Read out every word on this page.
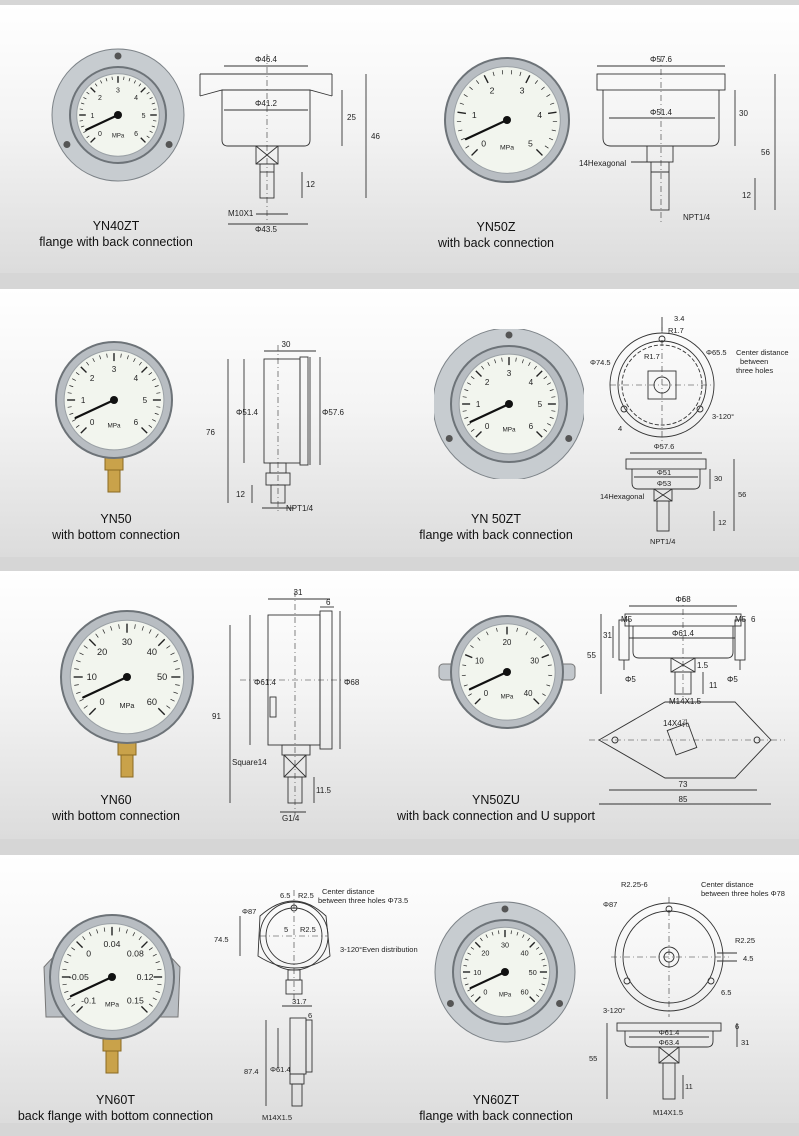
0
1
2
3
4
5
6
MPa
0
1
2	3
4
5
MPa
0
1
2
3
4
5
6
MPa	0
1
2
3
4
5
6
MPa
0
10
20
30
40
50
60
MPa
0
10
20
30
40
MPa
-0.1
-0.05
0
0.04
0.08
0.12
0.15
MPa
0
10
20
30
40
50
60
MPa
YN40ZT
flange with back connection
YN50Z
with back connection
YN50
with bottom connection
YN 50ZT
flange with back connection
YN60
with bottom connection
YN50ZU
with back connection and U support
YN60T
back flange with bottom connection
YN60ZT
flange with back connection
Φ46.4
Φ41.2
25
46
12
M10X1
Φ43.5
Φ57.6
Φ51.4	30
56
12
14Hexagonal
NPT1/4
30
Φ51.4	Φ57.6
76
12
NPT1/4
3.4
R1.7
R1.7	Φ65.5 Center distance between three holes
Φ74.5
3-120°
4
Φ57.6
Φ51
Φ53
30
56
12
14Hexagonal
NPT1/4
31
6
Φ61.4	Φ68
91
Square14
11.5
G1/4
Φ68
M5	M5 6
31	Φ61.4
55
1.5
Φ5	Φ5
11
M14X1.5
14X4孔
73
85
6.5 R2.5	Center distance between three holes Φ73.5
Φ87
5 R2.5
74.5
3-120°Even distribution
31.7
6
87.4 Φ61.4
M14X1.5
R2.25-6	Center distance between three holes Φ78
Φ87
R2.25
4.5
6.5
3-120°
6
31
Φ61.4
Φ63.4
55
11
M14X1.5
